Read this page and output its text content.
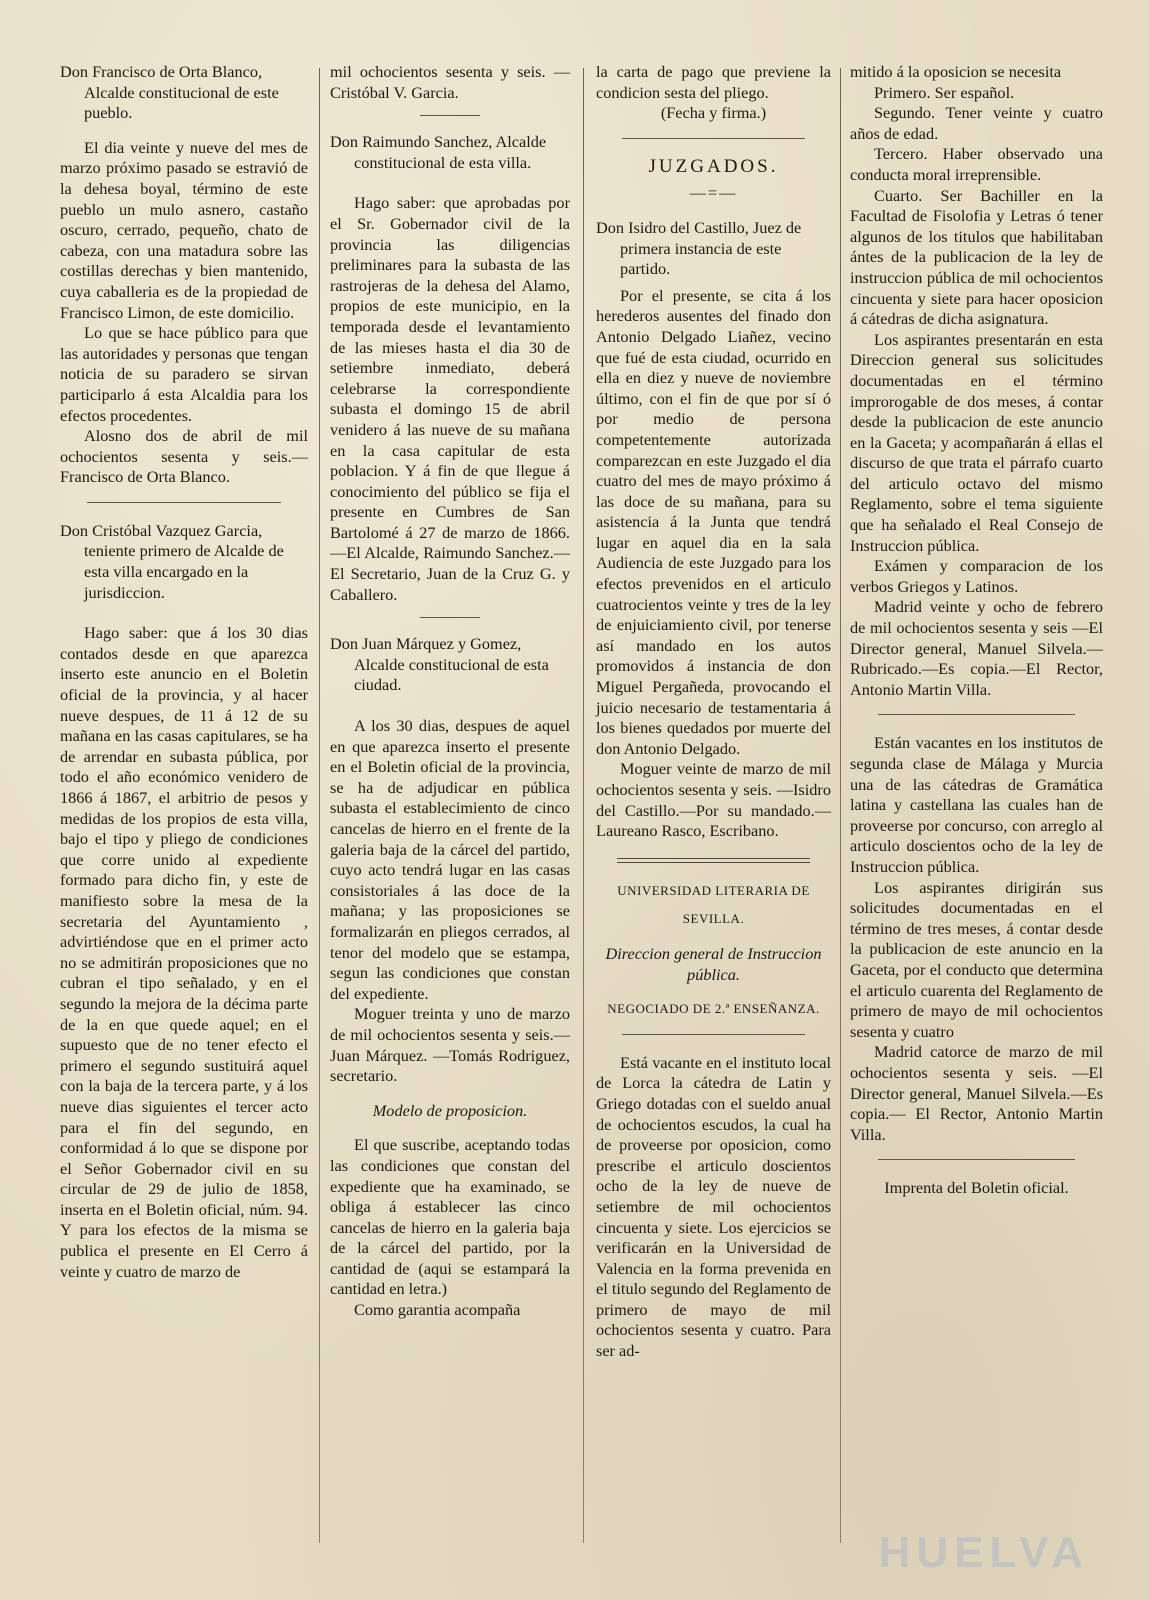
Don Francisco de Orta Blanco, Alcalde constitucional de este pueblo.

El dia veinte y nueve del mes de marzo próximo pasado se estravió de la dehesa boyal, término de este pueblo un mulo asnero, castaño oscuro, cerrado, pequeño, chato de cabeza, con una matadura sobre las costillas derechas y bien mantenido, cuya caballeria es de la propiedad de Francisco Limon, de este domicilio.

Lo que se hace público para que las autoridades y personas que tengan noticia de su paradero se sirvan participarlo á esta Alcaldia para los efectos procedentes.

Alosno dos de abril de mil ochocientos sesenta y seis.— Francisco de Orta Blanco.

Don Cristóbal Vazquez Garcia, teniente primero de Alcalde de esta villa encargado en la jurisdiccion.

Hago saber: que á los 30 dias contados desde en que aparezca inserto este anuncio en el Boletin oficial de la provincia, y al hacer nueve despues, de 11 á 12 de su mañana en las casas capitulares, se ha de arrendar en subasta pública, por todo el año económico venidero de 1866 á 1867, el arbitrio de pesos y medidas de los propios de esta villa, bajo el tipo y pliego de condiciones que corre unido al expediente formado para dicho fin, y este de manifiesto sobre la mesa de la secretaria del Ayuntamiento , advirtiéndose que en el primer acto no se admitirán proposiciones que no cubran el tipo señalado, y en el segundo la mejora de la décima parte de la en que quede aquel; en el supuesto que de no tener efecto el primero el segundo sustituirá aquel con la baja de la tercera parte, y á los nueve dias siguientes el tercer acto para el fin del segundo, en conformidad á lo que se dispone por el Señor Gobernador civil en su circular de 29 de julio de 1858, inserta en el Boletin oficial, núm. 94. Y para los efectos de la misma se publica el presente en El Cerro á veinte y cuatro de marzo de

mil ochocientos sesenta y seis. —Cristóbal V. Garcia.

Don Raimundo Sanchez, Alcalde constitucional de esta villa.

Hago saber: que aprobadas por el Sr. Gobernador civil de la provincia las diligencias preliminares para la subasta de las rastrojeras de la dehesa del Alamo, propios de este municipio, en la temporada desde el levantamiento de las mieses hasta el dia 30 de setiembre inmediato, deberá celebrarse la correspondiente subasta el domingo 15 de abril venidero á las nueve de su mañana en la casa capitular de esta poblacion. Y á fin de que llegue á conocimiento del público se fija el presente en Cumbres de San Bartolomé á 27 de marzo de 1866.—El Alcalde, Raimundo Sanchez.—El Secretario, Juan de la Cruz G. y Caballero.

Don Juan Márquez y Gomez, Alcalde constitucional de esta ciudad.

A los 30 dias, despues de aquel en que aparezca inserto el presente en el Boletin oficial de la provincia, se ha de adjudicar en pública subasta el establecimiento de cinco cancelas de hierro en el frente de la galeria baja de la cárcel del partido, cuyo acto tendrá lugar en las casas consistoriales á las doce de la mañana; y las proposiciones se formalizarán en pliegos cerrados, al tenor del modelo que se estampa, segun las condiciones que constan del expediente.

Moguer treinta y uno de marzo de mil ochocientos sesenta y seis.—Juan Márquez. —Tomás Rodriguez, secretario.

Modelo de proposicion.

El que suscribe, aceptando todas las condiciones que constan del expediente que ha examinado, se obliga á establecer las cinco cancelas de hierro en la galeria baja de la cárcel del partido, por la cantidad de (aqui se estampará la cantidad en letra.)

Como garantia acompaña

la carta de pago que previene la condicion sesta del pliego.

(Fecha y firma.)

JUZGADOS.

—=—

Don Isidro del Castillo, Juez de primera instancia de este partido.

Por el presente, se cita á los herederos ausentes del finado don Antonio Delgado Liañez, vecino que fué de esta ciudad, ocurrido en ella en diez y nueve de noviembre último, con el fin de que por sí ó por medio de persona competentemente autorizada comparezcan en este Juzgado el dia cuatro del mes de mayo próximo á las doce de su mañana, para su asistencia á la Junta que tendrá lugar en aquel dia en la sala Audiencia de este Juzgado para los efectos prevenidos en el articulo cuatrocientos veinte y tres de la ley de enjuiciamiento civil, por tenerse así mandado en los autos promovidos á instancia de don Miguel Pergañeda, provocando el juicio necesario de testamentaria á los bienes quedados por muerte del don Antonio Delgado.

Moguer veinte de marzo de mil ochocientos sesenta y seis. —Isidro del Castillo.—Por su mandado.—Laureano Rasco, Escribano.

UNIVERSIDAD LITERARIA DE

SEVILLA.

Direccion general de Instruccion pública.

NEGOCIADO DE 2.ª ENSEÑANZA.

Está vacante en el instituto local de Lorca la cátedra de Latin y Griego dotadas con el sueldo anual de ochocientos escudos, la cual ha de proveerse por oposicion, como prescribe el articulo doscientos ocho de la ley de nueve de setiembre de mil ochocientos cincuenta y siete. Los ejercicios se verificarán en la Universidad de Valencia en la forma prevenida en el titulo segundo del Reglamento de primero de mayo de mil ochocientos sesenta y cuatro. Para ser ad-

mitido á la oposicion se necesita

Primero. Ser español.

Segundo. Tener veinte y cuatro años de edad.

Tercero. Haber observado una conducta moral irreprensible.

Cuarto. Ser Bachiller en la Facultad de Fisolofia y Letras ó tener algunos de los titulos que habilitaban ántes de la publicacion de la ley de instruccion pública de mil ochocientos cincuenta y siete para hacer oposicion á cátedras de dicha asignatura.

Los aspirantes presentarán en esta Direccion general sus solicitudes documentadas en el término improrogable de dos meses, á contar desde la publicacion de este anuncio en la Gaceta; y acompañarán á ellas el discurso de que trata el párrafo cuarto del articulo octavo del mismo Reglamento, sobre el tema siguiente que ha señalado el Real Consejo de Instruccion pública.

Exámen y comparacion de los verbos Griegos y Latinos.

Madrid veinte y ocho de febrero de mil ochocientos sesenta y seis —El Director general, Manuel Silvela.—Rubricado.—Es copia.—El Rector, Antonio Martin Villa.

Están vacantes en los institutos de segunda clase de Málaga y Murcia una de las cátedras de Gramática latina y castellana las cuales han de proveerse por concurso, con arreglo al articulo doscientos ocho de la ley de Instruccion pública.

Los aspirantes dirigirán sus solicitudes documentadas en el término de tres meses, á contar desde la publicacion de este anuncio en la Gaceta, por el conducto que determina el articulo cuarenta del Reglamento de primero de mayo de mil ochocientos sesenta y cuatro

Madrid catorce de marzo de mil ochocientos sesenta y seis. —El Director general, Manuel Silvela.—Es copia.— El Rector, Antonio Martin Villa.

Imprenta del Boletin oficial.

HUELVA
